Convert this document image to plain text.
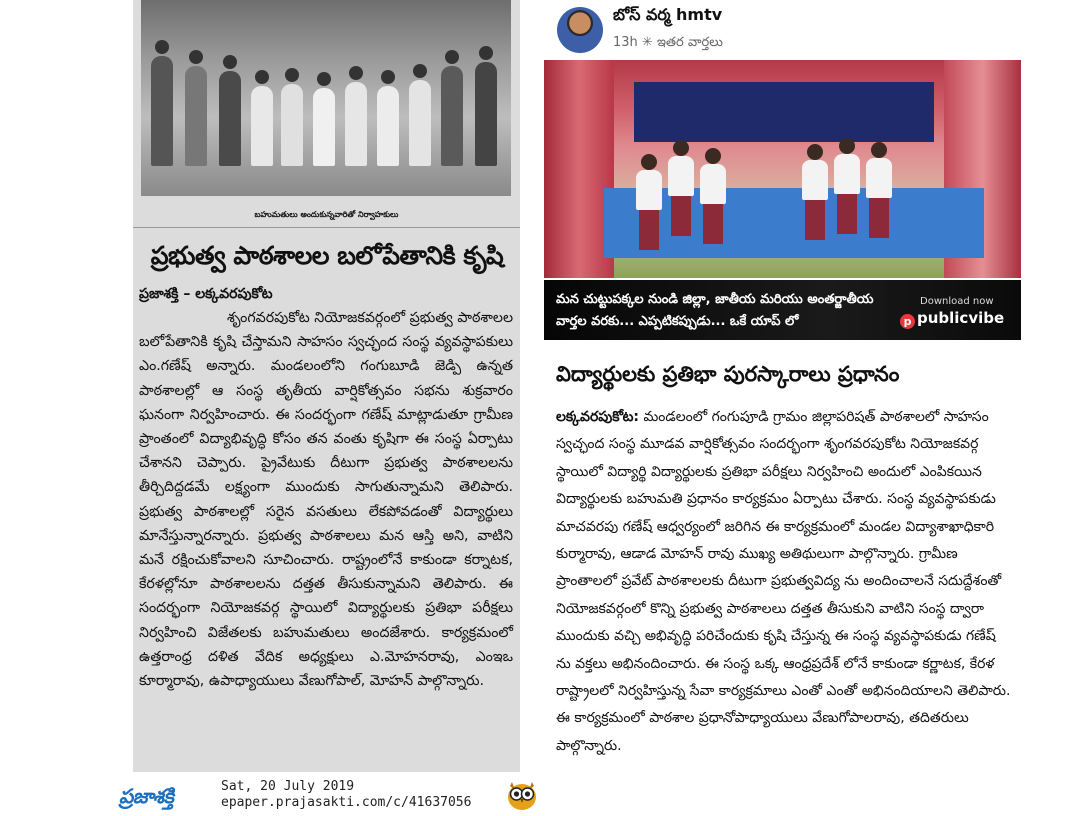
బహుమతులు అందుకున్నవారితో నిర్వాహకులు
ప్రభుత్వ పాఠశాలల బలోపేతానికి కృషి
ప్రజాశక్తి – లక్కవరపుకోట

శృంగవరపుకోట నియోజకవర్గంలో ప్రభుత్వ పాఠశాలల బలోపేతానికి కృషి చేస్తామని సాహసం స్వచ్ఛంద సంస్థ వ్యవస్థాపకులు ఎం.గణేష్ అన్నారు. మండలంలోని గంగుబూడి జెడ్పి ఉన్నత పాఠశాలల్లో ఆ సంస్థ తృతీయ వార్షికోత్సవం సభను శుక్రవారం ఘనంగా నిర్వహించారు. ఈ సందర్భంగా గణేష్ మాట్లాడుతూ గ్రామీణ ప్రాంతంలో విద్యాభివృద్ధి కోసం తన వంతు కృషిగా ఈ సంస్థ ఏర్పాటు చేశానని చెప్పారు. ప్రైవేటుకు దీటుగా ప్రభుత్వ పాఠశాలలను తీర్చిదిద్దడమే లక్ష్యంగా ముందుకు సాగుతున్నామని తెలిపారు. ప్రభుత్వ పాఠశాలల్లో సరైన వసతులు లేకపోవడంతో విద్యార్థులు మానేస్తున్నారన్నారు. ప్రభుత్వ పాఠశాలలు మన ఆస్తి అని, వాటిని మనే రక్షించుకోవాలని సూచించారు. రాష్ట్రంలోనే కాకుండా కర్నాటక, కేరళల్లోనూ పాఠశాలలను దత్తత తీసుకున్నామని తెలిపారు. ఈ సందర్భంగా నియోజకవర్గ స్థాయిలో విద్యార్థులకు ప్రతిభా పరీక్షలు నిర్వహించి విజేతలకు బహుమతులు అందజేశారు. కార్యక్రమంలో ఉత్తరాంధ్ర దళిత వేదిక అధ్యక్షులు ఎ.మోహనరావు, ఎంఇఒ కూర్మారావు, ఉపాధ్యాయులు వేణుగోపాల్, మోహన్ పాల్గొన్నారు.

ప్రజాశక్తి	Sat, 20 July 2019
epaper.prajasakti.com/c/41637056
బోస్ వర్మ hmtv
13h ✳ ఇతర వార్తలు
మన చుట్టుపక్కల నుండి జిల్లా, జాతీయ మరియు అంతర్జాతీయ
వార్తల వరకు... ఎప్పటికప్పుడు... ఒకే యాప్ లో
Download now
p publicvibe
విద్యార్థులకు ప్రతిభా పురస్కారాలు ప్రధానం
లక్కవరపుకోట: మండలంలో గంగుపూడి గ్రామం జిల్లాపరిషత్ పాఠశాలలో సాహసం స్వచ్ఛంద సంస్థ మూడవ వార్షికోత్సవం సందర్భంగా శృంగవరపుకోట నియోజకవర్గ స్థాయిలో విద్యార్థి విద్యార్థులకు ప్రతిభా పరీక్షలు నిర్వహించి అందులో ఎంపికయిన విద్యార్థులకు బహుమతి ప్రధానం కార్యక్రమం ఏర్పాటు చేశారు. సంస్థ వ్యవస్థాపకుడు మాచవరపు గణేష్ ఆధ్వర్యంలో జరిగిన ఈ కార్యక్రమంలో మండల విద్యాశాఖాధికారి కుర్మారావు, ఆడాడ మోహన్ రావు ముఖ్య అతిథులుగా పాల్గొన్నారు. గ్రామీణ ప్రాంతాలలో ప్రవేట్ పాఠశాలలకు దీటుగా ప్రభుత్వవిద్య ను అందించాలనే సదుద్దేశంతో నియోజకవర్గంలో కొన్ని ప్రభుత్వ పాఠశాలలు దత్తత తీసుకుని వాటిని సంస్థ ద్వారా ముందుకు వచ్చి అభివృద్ధి పరిచేందుకు కృషి చేస్తున్న ఈ సంస్థ వ్యవస్థాపకుడు గణేష్ ను వక్తలు అభినందించారు. ఈ సంస్థ ఒక్క ఆంధ్రప్రదేశ్ లోనే కాకుండా కర్ణాటక, కేరళ రాష్ట్రాలలో నిర్వహిస్తున్న సేవా కార్యక్రమాలు ఎంతో ఎంతో అభినందియాలని తెలిపారు. ఈ కార్యక్రమంలో పాఠశాల ప్రధానోపాధ్యాయులు వేణుగోపాలరావు, తదితరులు పాల్గొన్నారు.
